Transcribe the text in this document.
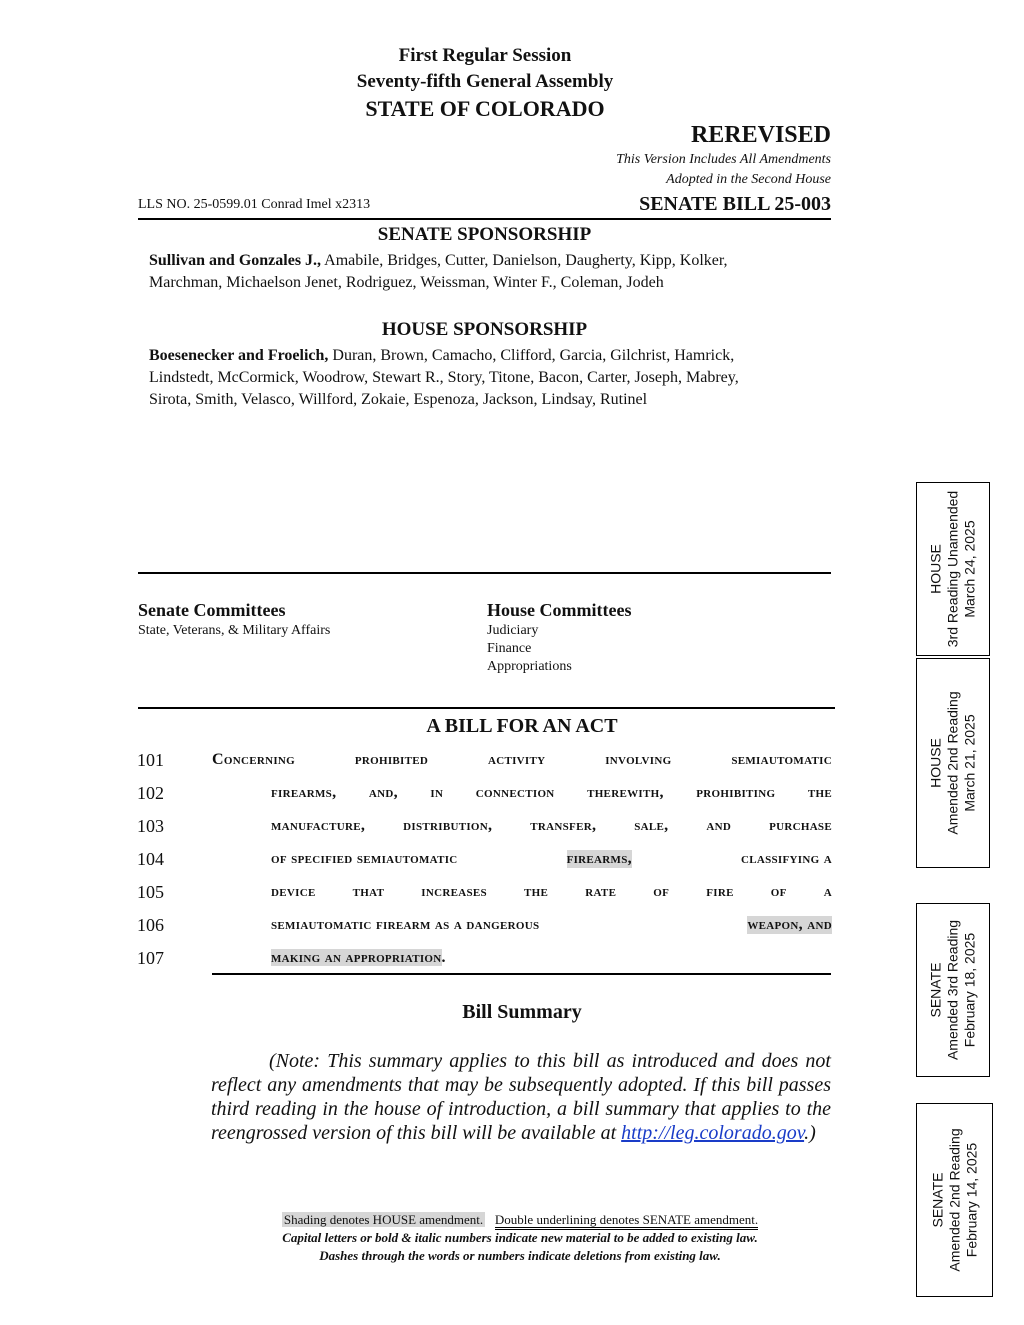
First Regular Session
Seventy-fifth General Assembly
STATE OF COLORADO
REREVISED
This Version Includes All Amendments
Adopted in the Second House
LLS NO. 25-0599.01 Conrad Imel x2313	SENATE BILL 25-003
SENATE SPONSORSHIP
Sullivan and Gonzales J., Amabile, Bridges, Cutter, Danielson, Daugherty, Kipp, Kolker,
Marchman, Michaelson Jenet, Rodriguez, Weissman, Winter F., Coleman, Jodeh
HOUSE SPONSORSHIP
Boesenecker and Froelich, Duran, Brown, Camacho, Clifford, Garcia, Gilchrist, Hamrick,
Lindstedt, McCormick, Woodrow, Stewart R., Story, Titone, Bacon, Carter, Joseph, Mabrey,
Sirota, Smith, Velasco, Willford, Zokaie, Espenoza, Jackson, Lindsay, Rutinel
Senate Committees
State, Veterans, & Military Affairs
House Committees
Judiciary
Finance
Appropriations
A BILL FOR AN ACT
101	Concerning prohibited activity involving semiautomatic
102	firearms, and, in connection therewith, prohibiting the
103	manufacture, distribution, transfer, sale, and purchase
104	of specified semiautomatic	firearms,	classifying a
105	device that increases the rate of fire of a
106	semiautomatic firearm as a dangerous	weapon, and
107	making an appropriation.
Bill Summary
(Note: This summary applies to this bill as introduced and does not reflect any amendments that may be subsequently adopted. If this bill passes third reading in the house of introduction, a bill summary that applies to the reengrossed version of this bill will be available at http://leg.colorado.gov.)
Shading denotes HOUSE amendment. Double underlining denotes SENATE amendment.
Capital letters or bold & italic numbers indicate new material to be added to existing law.
Dashes through the words or numbers indicate deletions from existing law.
HOUSE 3rd Reading Unamended March 24, 2025
HOUSE Amended 2nd Reading March 21, 2025
SENATE Amended 3rd Reading February 18, 2025
SENATE Amended 2nd Reading February 14, 2025
